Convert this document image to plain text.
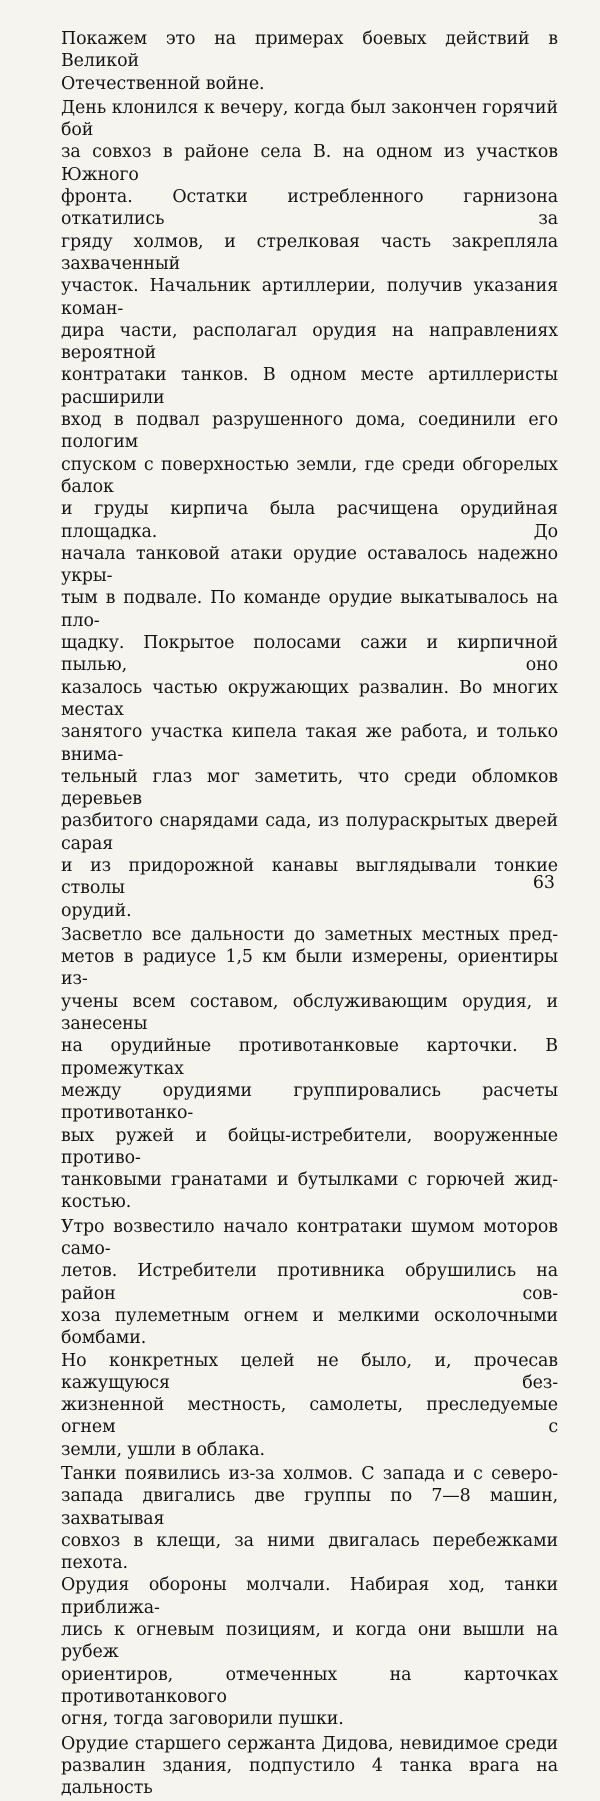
Покажем это на примерах боевых действий в Великой
Отечественной войне.

День клонился к вечеру, когда был закончен горячий бой
за совхоз в районе села В. на одном из участков Южного
фронта. Остатки истребленного гарнизона откатились за
гряду холмов, и стрелковая часть закрепляла захваченный
участок. Начальник артиллерии, получив указания коман-
дира части, располагал орудия на направлениях вероятной
контратаки танков. В одном месте артиллеристы расширили
вход в подвал разрушенного дома, соединили его пологим
спуском с поверхностью земли, где среди обгорелых балок
и груды кирпича была расчищена орудийная площадка. До
начала танковой атаки орудие оставалось надежно укры-
тым в подвале. По команде орудие выкатывалось на пло-
щадку. Покрытое полосами сажи и кирпичной пылью, оно
казалось частью окружающих развалин. Во многих местах
занятого участка кипела такая же работа, и только внима-
тельный глаз мог заметить, что среди обломков деревьев
разбитого снарядами сада, из полураскрытых дверей сарая
и из придорожной канавы выглядывали тонкие стволы
орудий.

Засветло все дальности до заметных местных пред-
метов в радиусе 1,5 км были измерены, ориентиры из-
учены всем составом, обслуживающим орудия, и занесены
на орудийные противотанковые карточки. В промежутках
между орудиями группировались расчеты противотанко-
вых ружей и бойцы-истребители, вооруженные противо-
танковыми гранатами и бутылками с горючей жид-
костью.

Утро возвестило начало контратаки шумом моторов само-
летов. Истребители противника обрушились на район сов-
хоза пулеметным огнем и мелкими осколочными бомбами.
Но конкретных целей не было, и, прочесав кажущуюся без-
жизненной местность, самолеты, преследуемые огнем с
земли, ушли в облака.

Танки появились из-за холмов. С запада и с северо-
запада двигались две группы по 7—8 машин, захватывая
совхоз в клещи, за ними двигалась перебежками пехота.
Орудия обороны молчали. Набирая ход, танки приближа-
лись к огневым позициям, и когда они вышли на рубеж
ориентиров, отмеченных на карточках противотанкового
огня, тогда заговорили пушки.

Орудие старшего сержанта Дидова, невидимое среди
развалин здания, подпустило 4 танка врага на дальность

63
